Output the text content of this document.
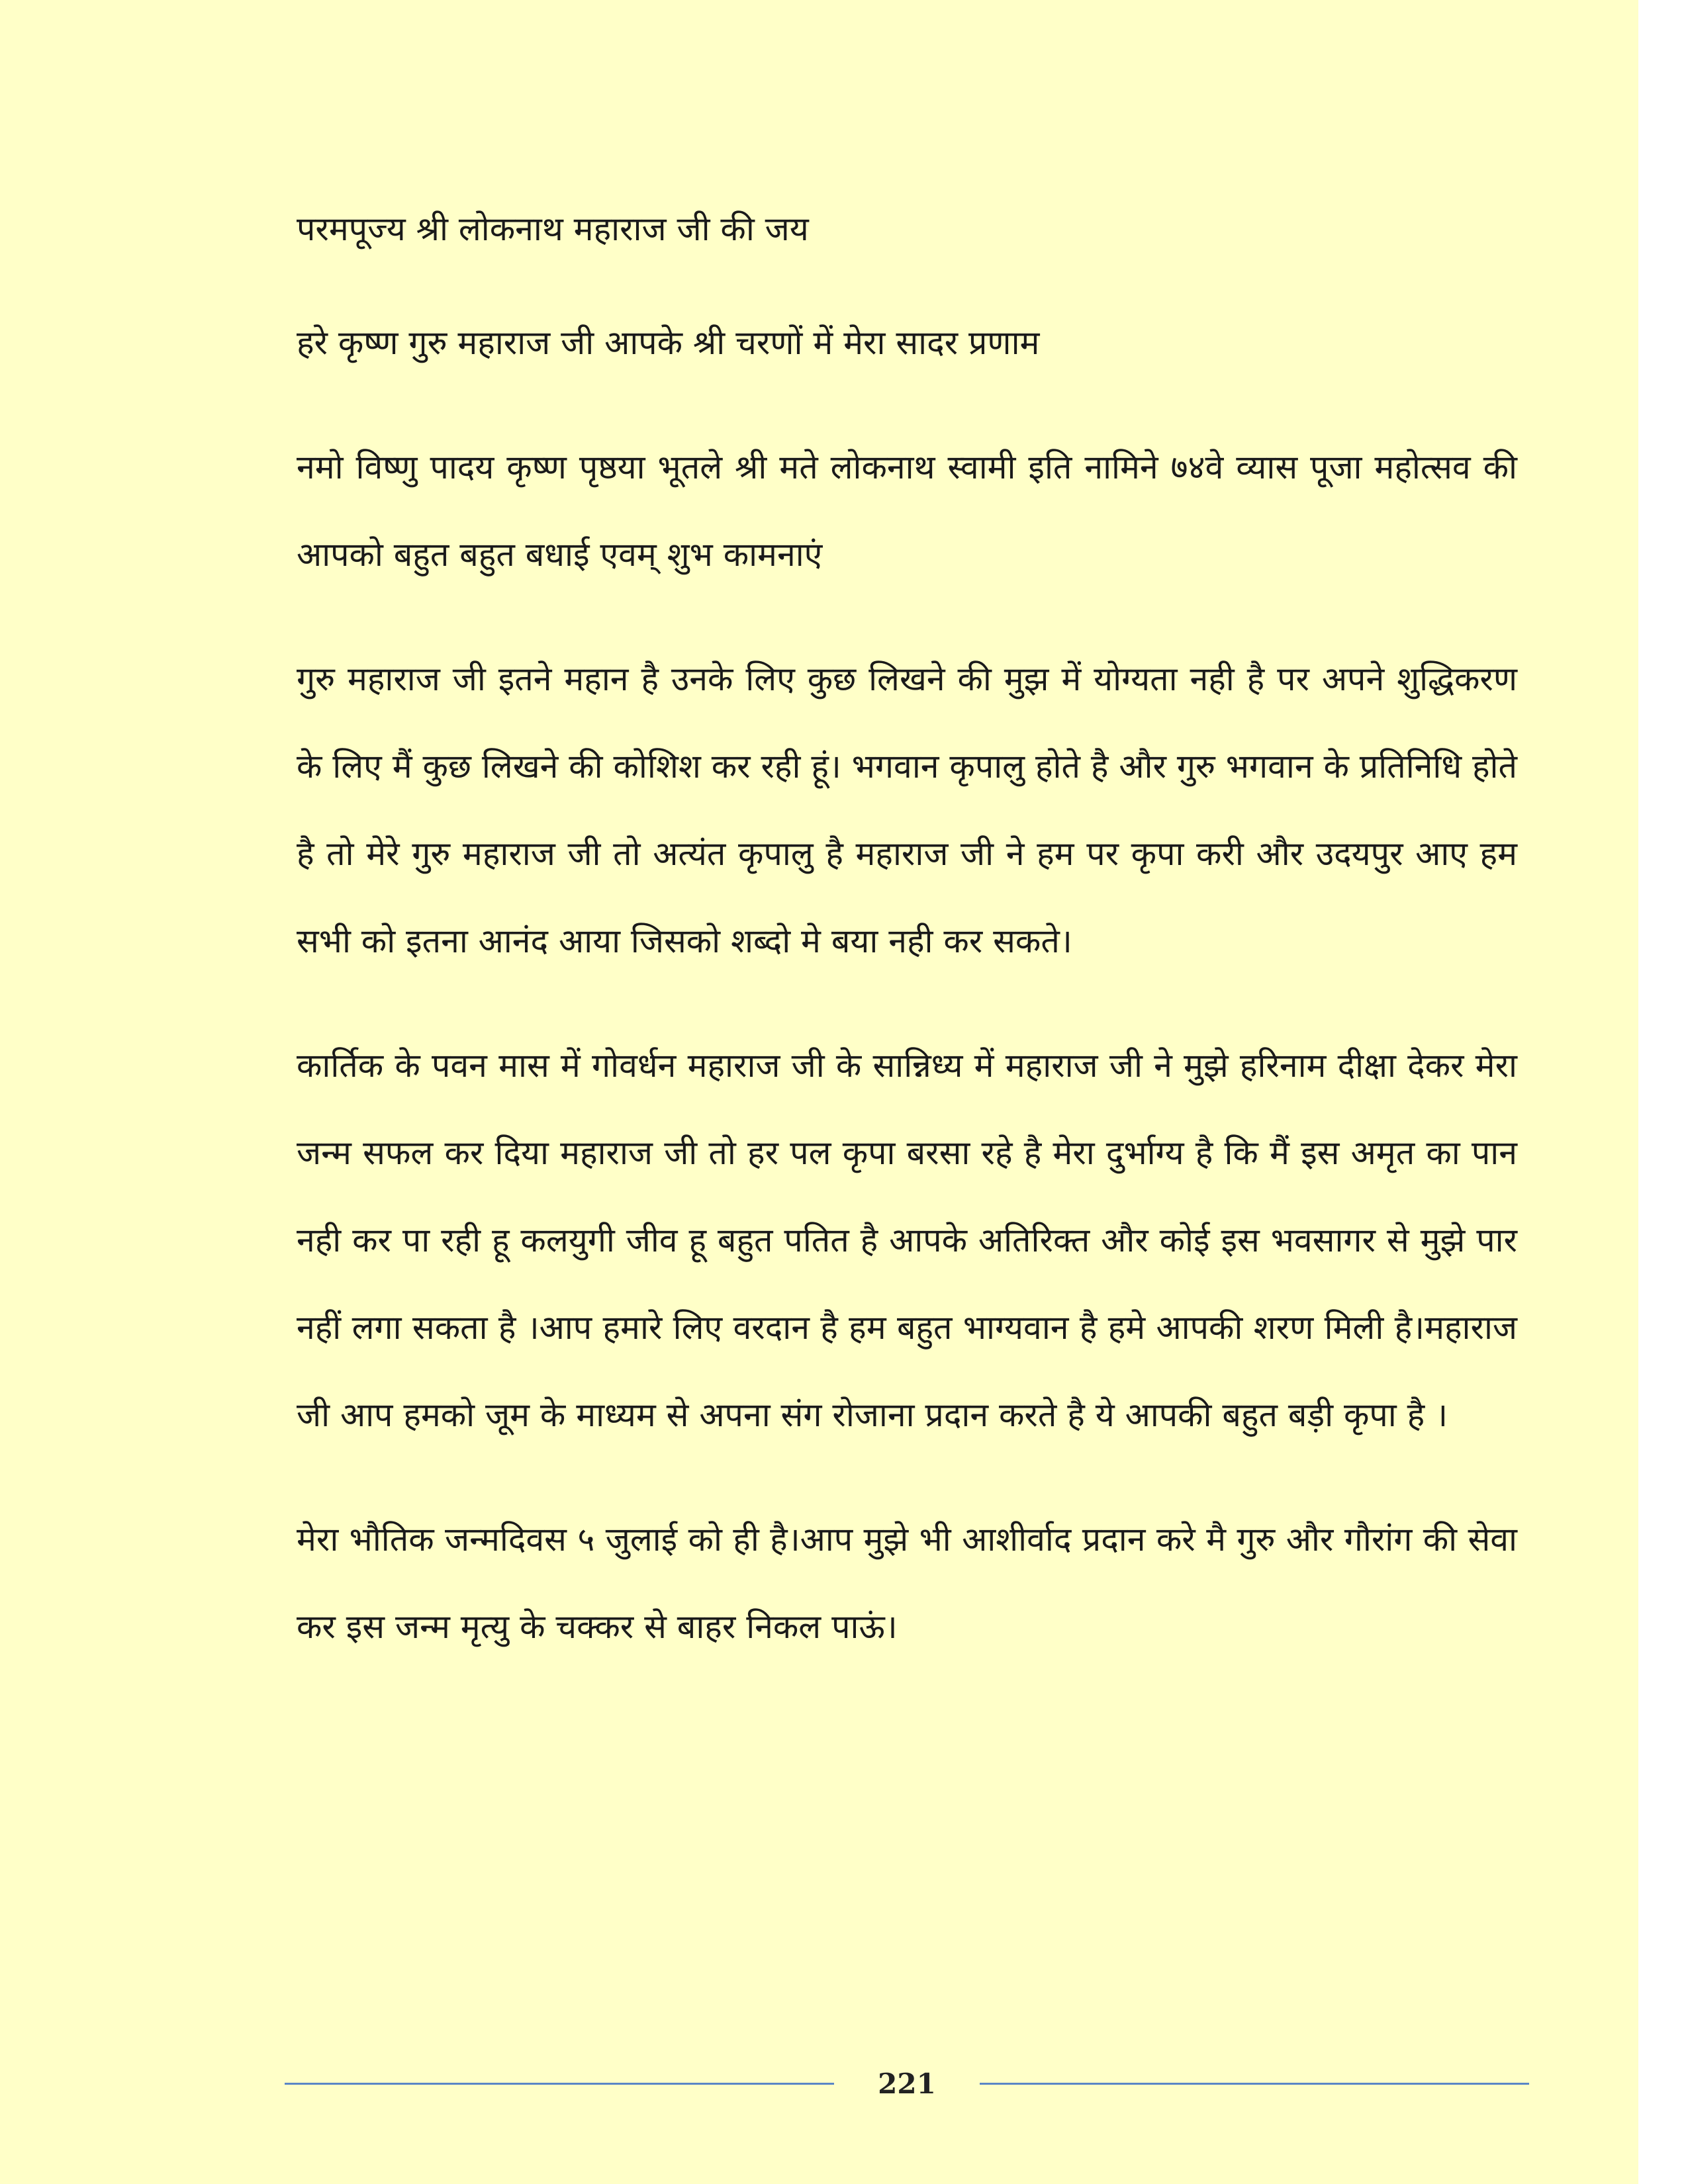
परमपूज्य श्री लोकनाथ महाराज जी की जय

हरे कृष्ण गुरु महाराज जी आपके श्री चरणों में मेरा सादर प्रणाम

नमो विष्णु पादय कृष्ण पृष्ठया भूतले श्री मते लोकनाथ स्वामी इति नामिने ७४वे व्यास पूजा महोत्सव की आपको बहुत बहुत बधाई एवम् शुभ कामनाएं

गुरु महाराज जी इतने महान है उनके लिए कुछ लिखने की मुझ में योग्यता नही है पर अपने शुद्धिकरण के लिए मैं कुछ लिखने की कोशिश कर रही हूं। भगवान कृपालु होते है और गुरु भगवान के प्रतिनिधि होते है तो मेरे गुरु महाराज जी तो अत्यंत कृपालु है महाराज जी ने हम पर कृपा करी और उदयपुर आए हम सभी को इतना आनंद आया जिसको शब्दो मे बया नही कर सकते।

कार्तिक के पवन मास में गोवर्धन महाराज जी के सान्निध्य में महाराज जी ने मुझे हरिनाम दीक्षा देकर मेरा जन्म सफल कर दिया महाराज जी तो हर पल कृपा बरसा रहे है मेरा दुर्भाग्य है कि मैं इस अमृत का पान नही कर पा रही हू कलयुगी जीव हू बहुत पतित है आपके अतिरिक्त और कोई इस भवसागर से मुझे पार नहीं लगा सकता है ।आप हमारे लिए वरदान है हम बहुत भाग्यवान है हमे आपकी शरण मिली है।महाराज जी आप हमको जूम के माध्यम से अपना संग रोजाना प्रदान करते है ये आपकी बहुत बड़ी कृपा है ।

मेरा भौतिक जन्मदिवस ५ जुलाई को ही है।आप मुझे भी आशीर्वाद प्रदान करे मै गुरु और गौरांग की सेवा कर इस जन्म मृत्यु के चक्कर से बाहर निकल पाऊं।

221
